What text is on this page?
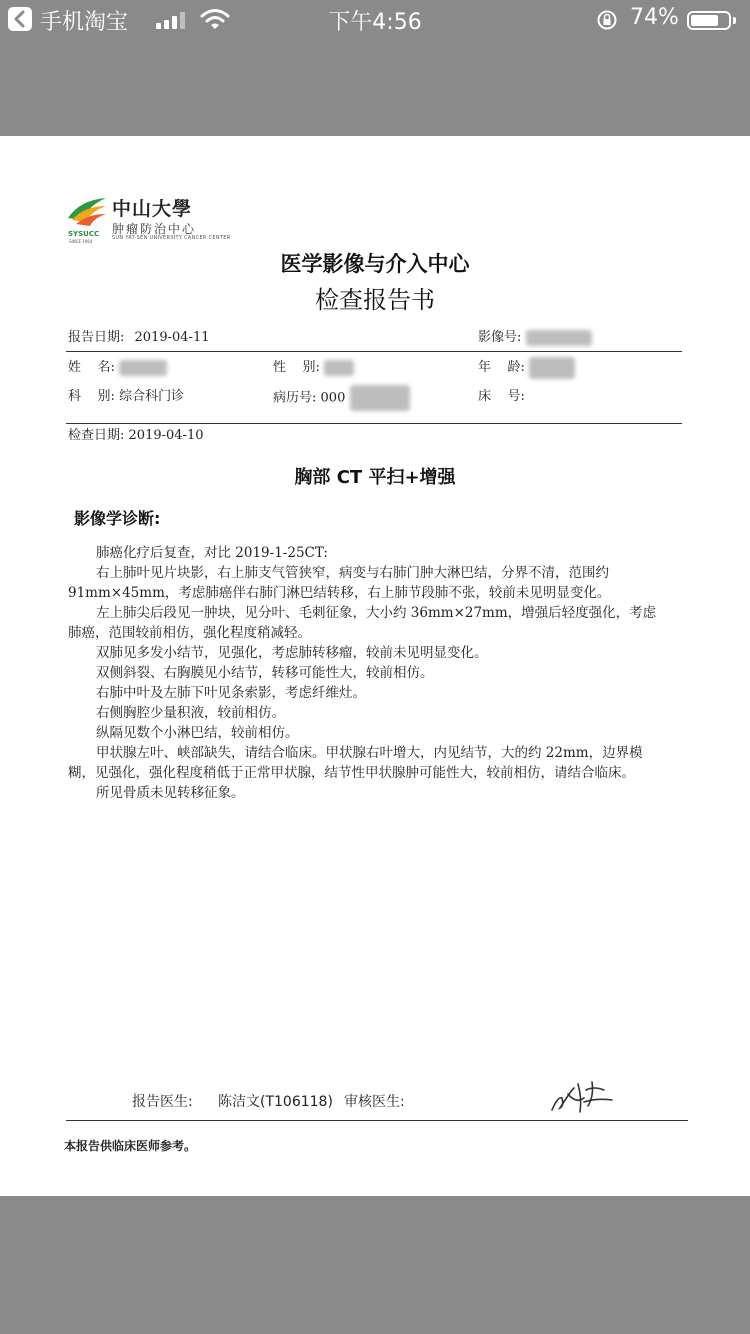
手机淘宝	下午4:56	74%
SYSUCC
SINCE 1964
中山大學
肿瘤防治中心
SUN YAT-SEN UNIVERSITY CANCER CENTER
医学影像与介入中心
检查报告书
报告日期: 2019-04-11	影像号:
姓    名:	性    别:	年    龄:
科    别: 综合科门诊	病历号: 000	床    号:
检查日期: 2019-04-10
胸部 CT 平扫+增强
影像学诊断:

肺癌化疗后复查，对比 2019-1-25CT:

右上肺叶见片块影，右上肺支气管狭窄，病变与右肺门肿大淋巴结，分界不清，范围约 91mm×45mm，考虑肺癌伴右肺门淋巴结转移，右上肺节段肺不张，较前未见明显变化。

左上肺尖后段见一肿块，见分叶、毛刺征象，大小约 36mm×27mm，增强后轻度强化，考虑肺癌，范围较前相仿，强化程度稍减轻。

双肺见多发小结节，见强化，考虑肺转移瘤，较前未见明显变化。

双侧斜裂、右胸膜见小结节，转移可能性大，较前相仿。

右肺中叶及左肺下叶见条索影，考虑纤维灶。

右侧胸腔少量积液，较前相仿。

纵隔见数个小淋巴结，较前相仿。

甲状腺左叶、峡部缺失，请结合临床。甲状腺右叶增大，内见结节，大的约 22mm，边界模糊，见强化，强化程度稍低于正常甲状腺，结节性甲状腺肿可能性大，较前相仿，请结合临床。

所见骨质未见转移征象。

报告医生: 陈洁文(T106118) 审核医生:
本报告供临床医师参考。
